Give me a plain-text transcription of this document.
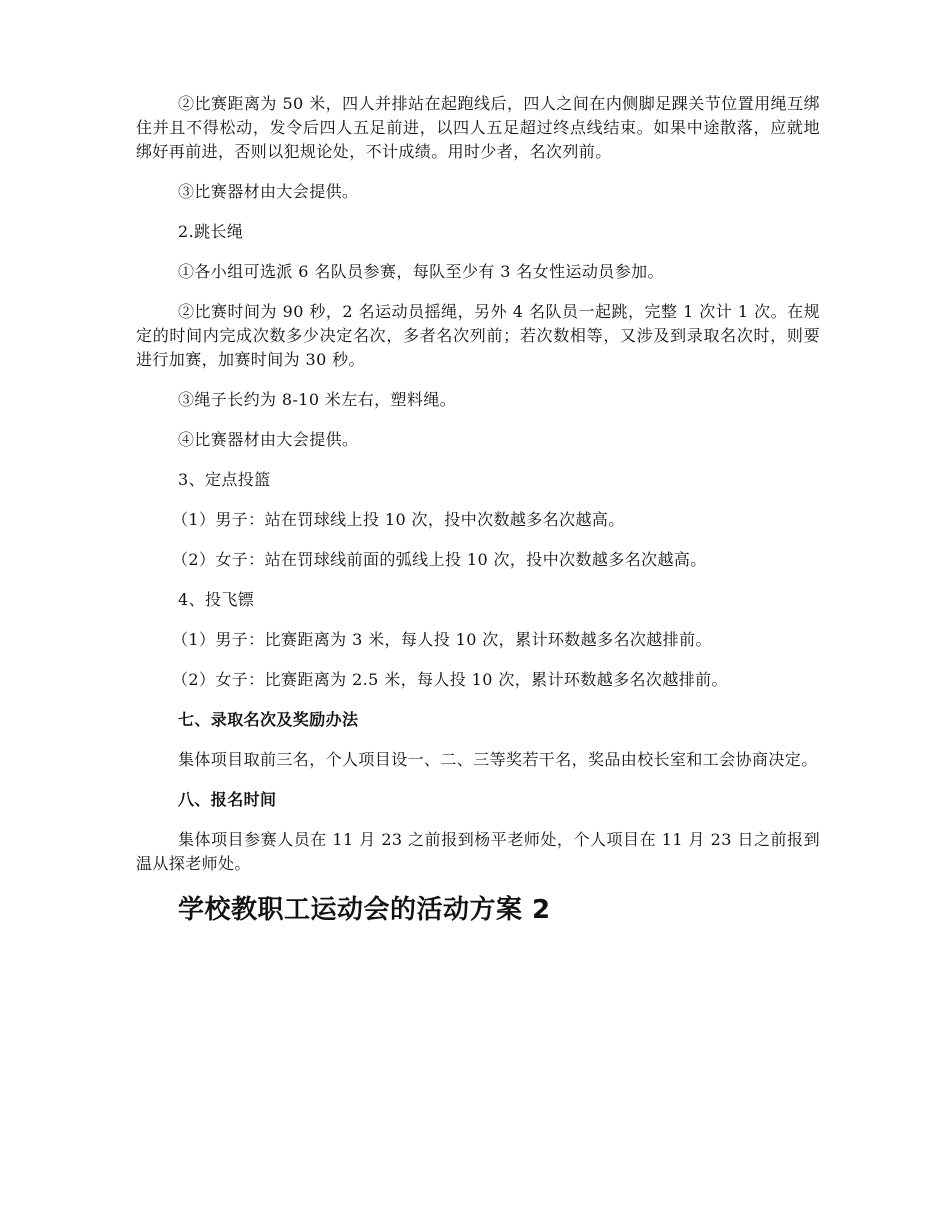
②比赛距离为 50 米，四人并排站在起跑线后，四人之间在内侧脚足踝关节位置用绳互绑住并且不得松动，发令后四人五足前进，以四人五足超过终点线结束。如果中途散落，应就地绑好再前进，否则以犯规论处，不计成绩。用时少者，名次列前。

③比赛器材由大会提供。

2.跳长绳

①各小组可选派 6 名队员参赛，每队至少有 3 名女性运动员参加。

②比赛时间为 90 秒，2 名运动员摇绳，另外 4 名队员一起跳，完整 1 次计 1 次。在规定的时间内完成次数多少决定名次，多者名次列前；若次数相等，又涉及到录取名次时，则要进行加赛，加赛时间为 30 秒。

③绳子长约为 8-10 米左右，塑料绳。

④比赛器材由大会提供。

3、定点投篮

（1）男子：站在罚球线上投 10 次，投中次数越多名次越高。

（2）女子：站在罚球线前面的弧线上投 10 次，投中次数越多名次越高。

4、投飞镖

（1）男子：比赛距离为 3 米，每人投 10 次，累计环数越多名次越排前。

（2）女子：比赛距离为 2.5 米，每人投 10 次，累计环数越多名次越排前。

七、录取名次及奖励办法

集体项目取前三名，个人项目设一、二、三等奖若干名，奖品由校长室和工会协商决定。

八、报名时间

集体项目参赛人员在 11 月 23 之前报到杨平老师处，个人项目在 11 月 23 日之前报到温从探老师处。

学校教职工运动会的活动方案 2
